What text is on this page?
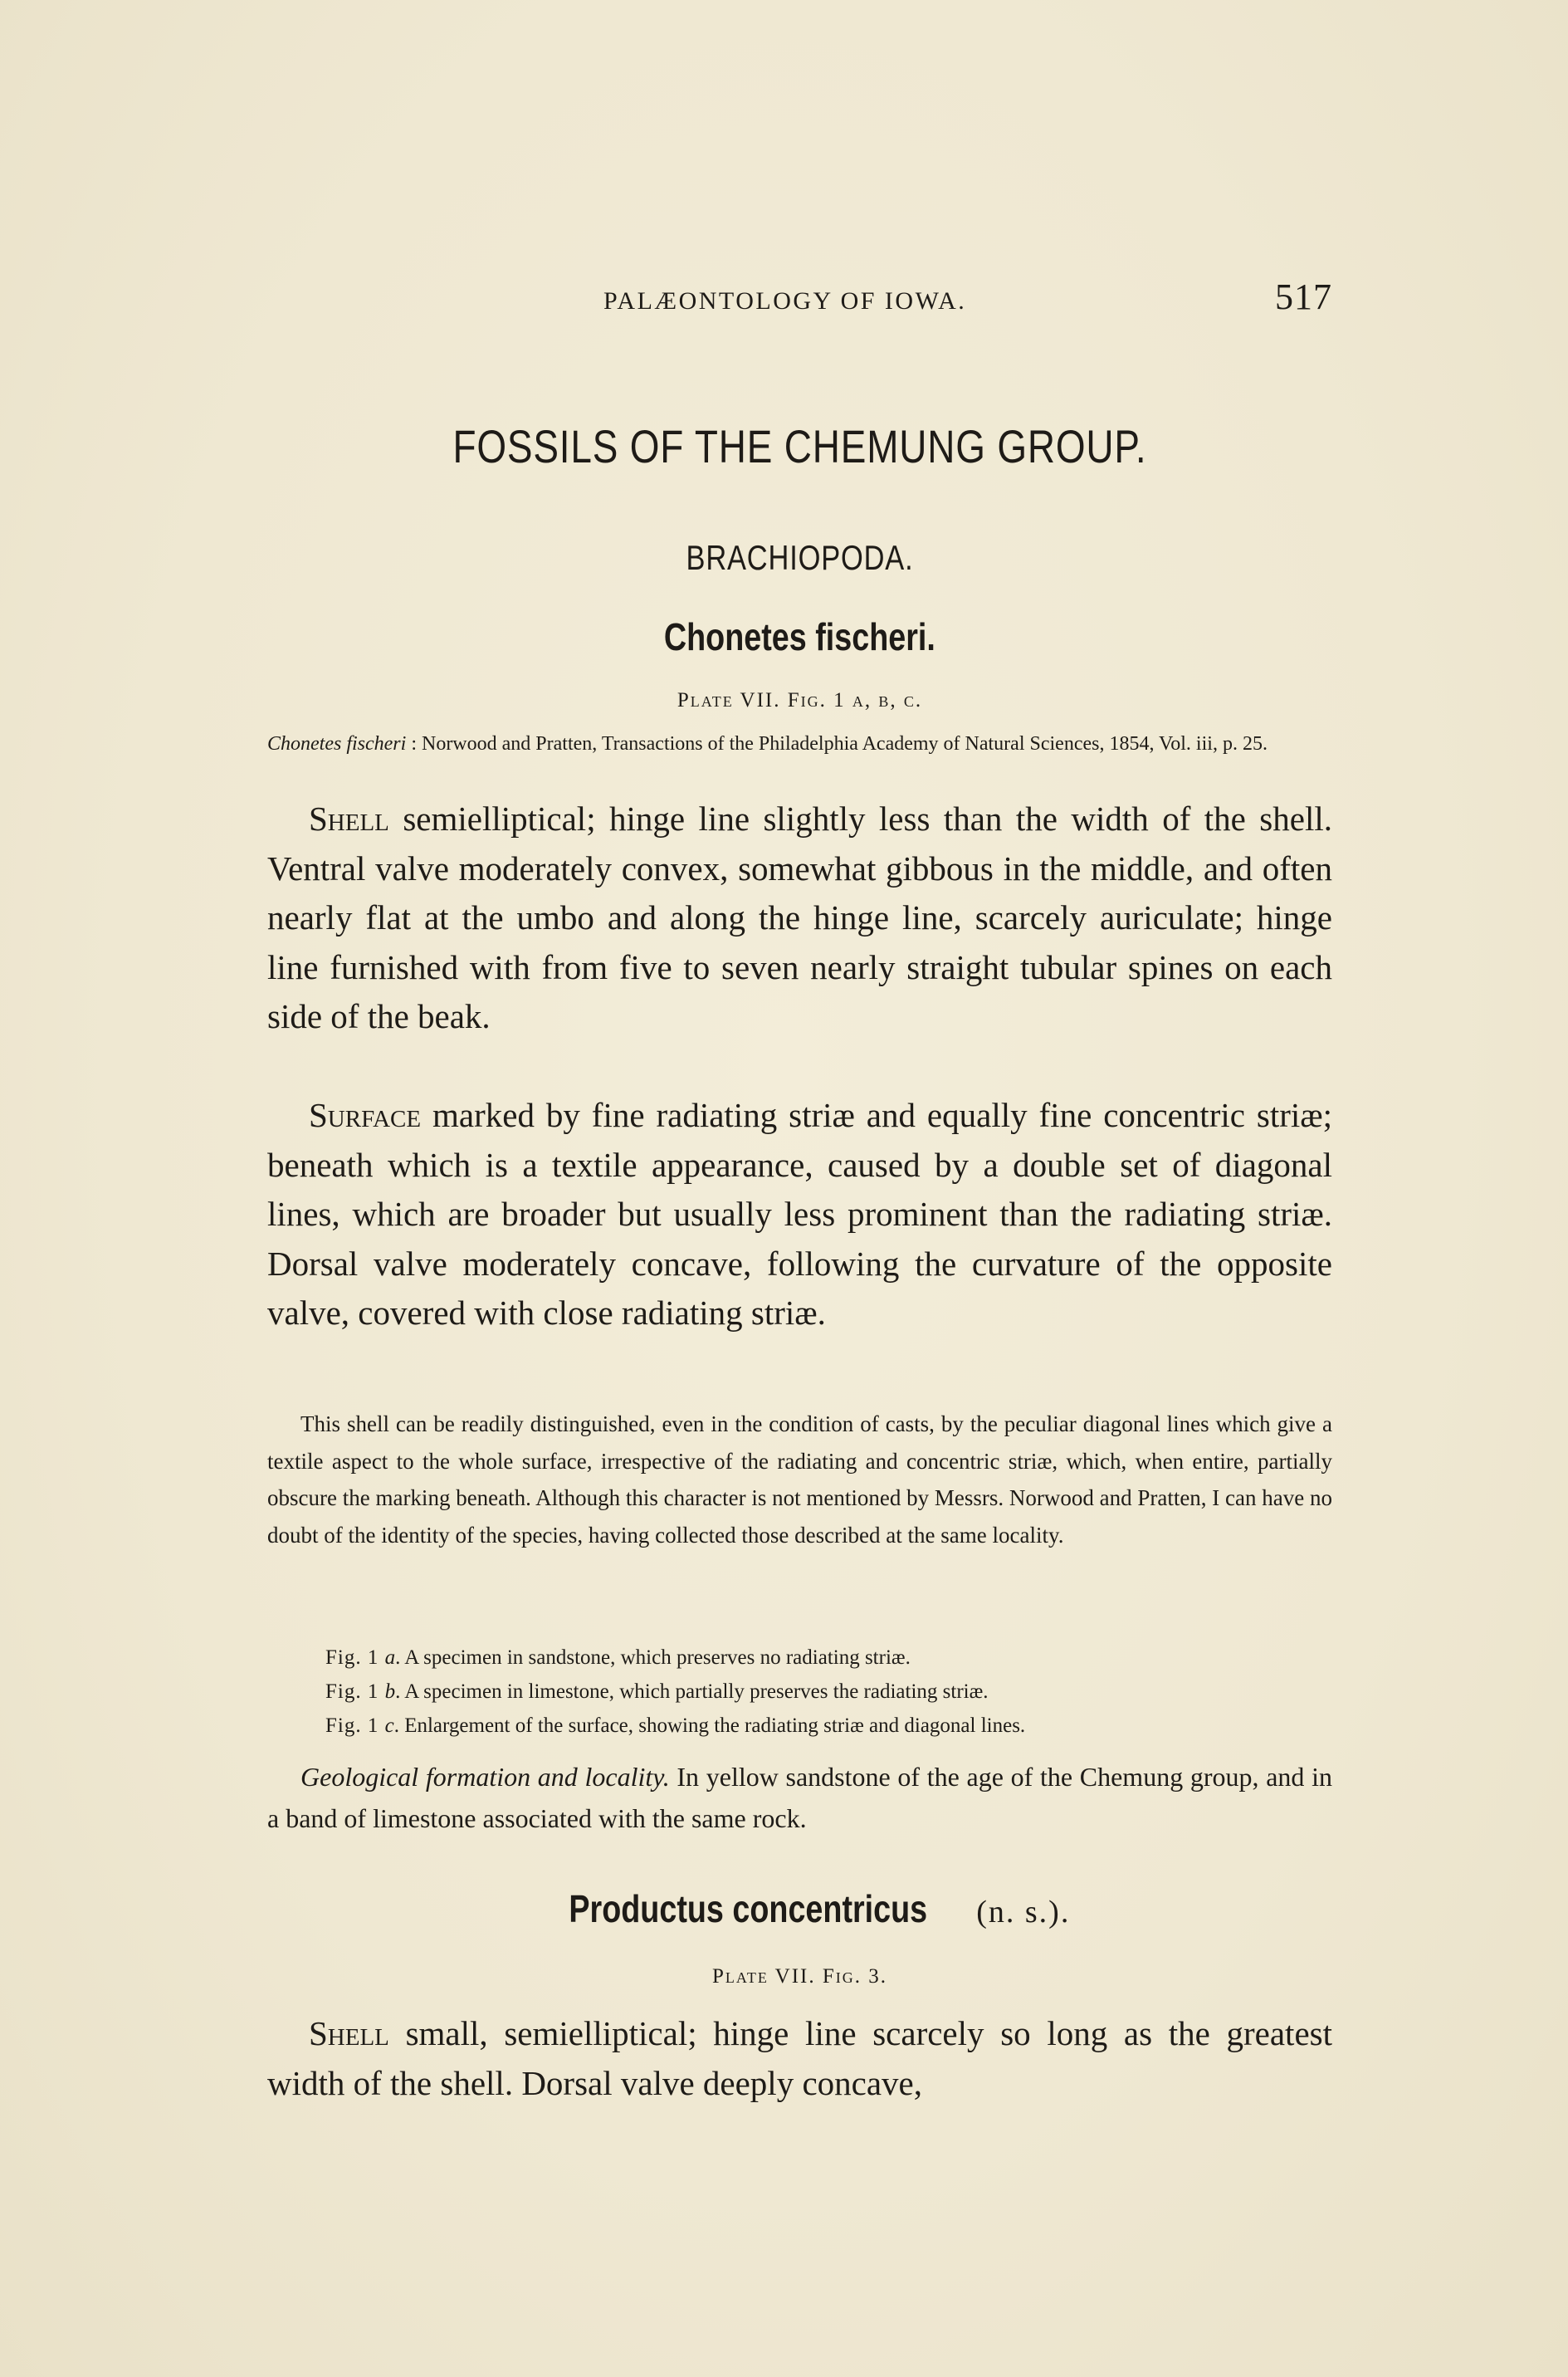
PALÆONTOLOGY OF IOWA.	517
FOSSILS OF THE CHEMUNG GROUP.
BRACHIOPODA.
Chonetes fischeri.
Plate VII. Fig. 1 a, b, c.
Chonetes fischeri : Norwood and Pratten, Transactions of the Philadelphia Academy of Natural Sciences, 1854, Vol. iii, p. 25.

Shell semielliptical; hinge line slightly less than the width of the shell. Ventral valve moderately convex, somewhat gibbous in the middle, and often nearly flat at the umbo and along the hinge line, scarcely auriculate; hinge line furnished with from five to seven nearly straight tubular spines on each side of the beak.

Surface marked by fine radiating striæ and equally fine concentric striæ; beneath which is a textile appearance, caused by a double set of diagonal lines, which are broader but usually less prominent than the radiating striæ. Dorsal valve moderately concave, following the curvature of the opposite valve, covered with close radiating striæ.

This shell can be readily distinguished, even in the condition of casts, by the peculiar diagonal lines which give a textile aspect to the whole surface, irrespective of the radiating and concentric striæ, which, when entire, partially obscure the marking beneath. Although this character is not mentioned by Messrs. Norwood and Pratten, I can have no doubt of the identity of the species, having collected those described at the same locality.

Fig. 1 a. A specimen in sandstone, which preserves no radiating striæ.
Fig. 1 b. A specimen in limestone, which partially preserves the radiating striæ.
Fig. 1 c. Enlargement of the surface, showing the radiating striæ and diagonal lines.

Geological formation and locality. In yellow sandstone of the age of the Chemung group, and in a band of limestone associated with the same rock.

Productus concentricus (n. s.).
Plate VII. Fig. 3.

Shell small, semielliptical; hinge line scarcely so long as the greatest width of the shell. Dorsal valve deeply concave,
